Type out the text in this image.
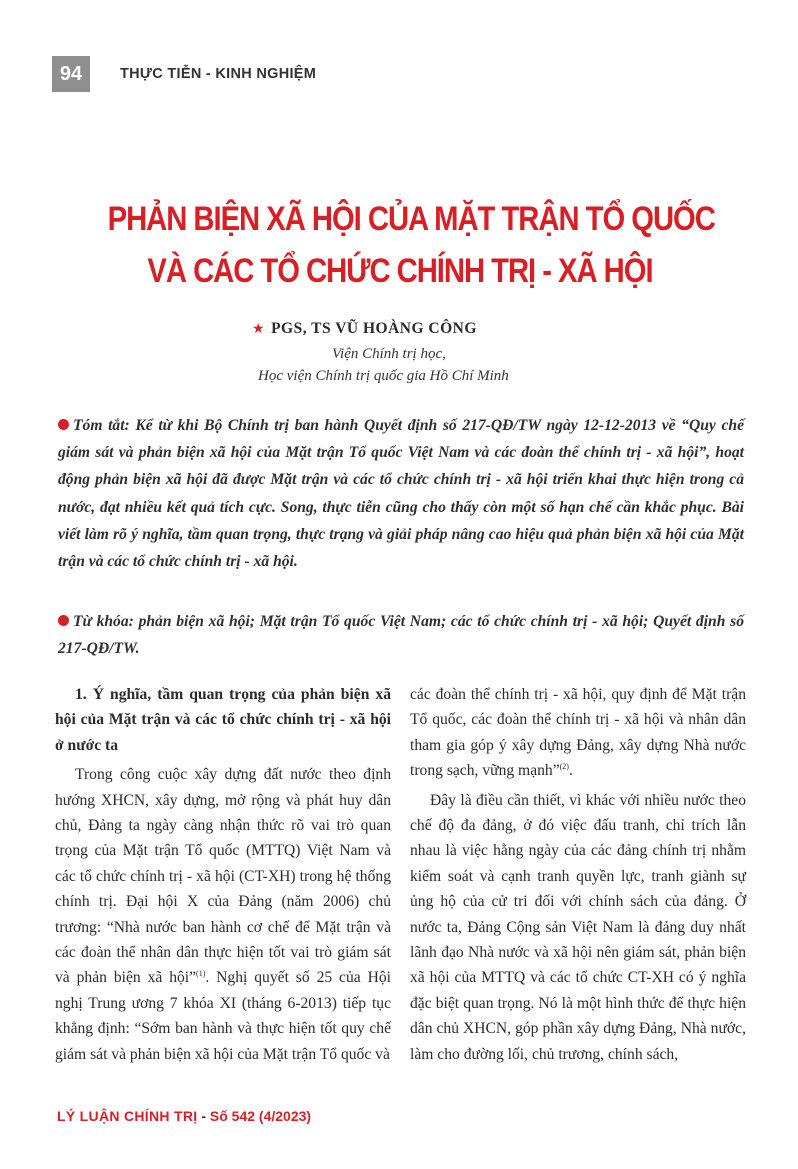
94	THỰC TIỄN - KINH NGHIỆM
PHẢN BIỆN XÃ HỘI CỦA MẶT TRẬN TỔ QUỐC
VÀ CÁC TỔ CHỨC CHÍNH TRỊ - XÃ HỘI
★ PGS, TS VŨ HOÀNG CÔNG
Viện Chính trị học,
Học viện Chính trị quốc gia Hồ Chí Minh
Tóm tắt: Kể từ khi Bộ Chính trị ban hành Quyết định số 217-QĐ/TW ngày 12-12-2013 về “Quy chế giám sát và phản biện xã hội của Mặt trận Tổ quốc Việt Nam và các đoàn thể chính trị - xã hội”, hoạt động phản biện xã hội đã được Mặt trận và các tổ chức chính trị - xã hội triển khai thực hiện trong cả nước, đạt nhiều kết quả tích cực. Song, thực tiễn cũng cho thấy còn một số hạn chế cần khắc phục. Bài viết làm rõ ý nghĩa, tầm quan trọng, thực trạng và giải pháp nâng cao hiệu quả phản biện xã hội của Mặt trận và các tổ chức chính trị - xã hội.
Từ khóa: phản biện xã hội; Mặt trận Tổ quốc Việt Nam; các tổ chức chính trị - xã hội; Quyết định số 217-QĐ/TW.

1. Ý nghĩa, tầm quan trọng của phản biện xã hội của Mặt trận và các tổ chức chính trị - xã hội ở nước ta

Trong công cuộc xây dựng đất nước theo định hướng XHCN, xây dựng, mở rộng và phát huy dân chủ, Đảng ta ngày càng nhận thức rõ vai trò quan trọng của Mặt trận Tổ quốc (MTTQ) Việt Nam và các tổ chức chính trị - xã hội (CT-XH) trong hệ thống chính trị. Đại hội X của Đảng (năm 2006) chủ trương: “Nhà nước ban hành cơ chế để Mặt trận và các đoàn thể nhân dân thực hiện tốt vai trò giám sát và phản biện xã hội”$^{(1)}$. Nghị quyết số 25 của Hội nghị Trung ương 7 khóa XI (tháng 6-2013) tiếp tục khẳng định: “Sớm ban hành và thực hiện tốt quy chế giám sát và phản biện xã hội của Mặt trận Tổ quốc và

các đoàn thể chính trị - xã hội, quy định để Mặt trận Tổ quốc, các đoàn thể chính trị - xã hội và nhân dân tham gia góp ý xây dựng Đảng, xây dựng Nhà nước trong sạch, vững mạnh”$^{(2)}$.

Đây là điều cần thiết, vì khác với nhiều nước theo chế độ đa đảng, ở đó việc đấu tranh, chỉ trích lẫn nhau là việc hằng ngày của các đảng chính trị nhằm kiểm soát và cạnh tranh quyền lực, tranh giành sự ủng hộ của cử tri đối với chính sách của đảng. Ở nước ta, Đảng Cộng sản Việt Nam là đảng duy nhất lãnh đạo Nhà nước và xã hội nên giám sát, phản biện xã hội của MTTQ và các tổ chức CT-XH có ý nghĩa đặc biệt quan trọng. Nó là một hình thức để thực hiện dân chủ XHCN, góp phần xây dựng Đảng, Nhà nước, làm cho đường lối, chủ trương, chính sách,

LÝ LUẬN CHÍNH TRỊ - Số 542 (4/2023)
